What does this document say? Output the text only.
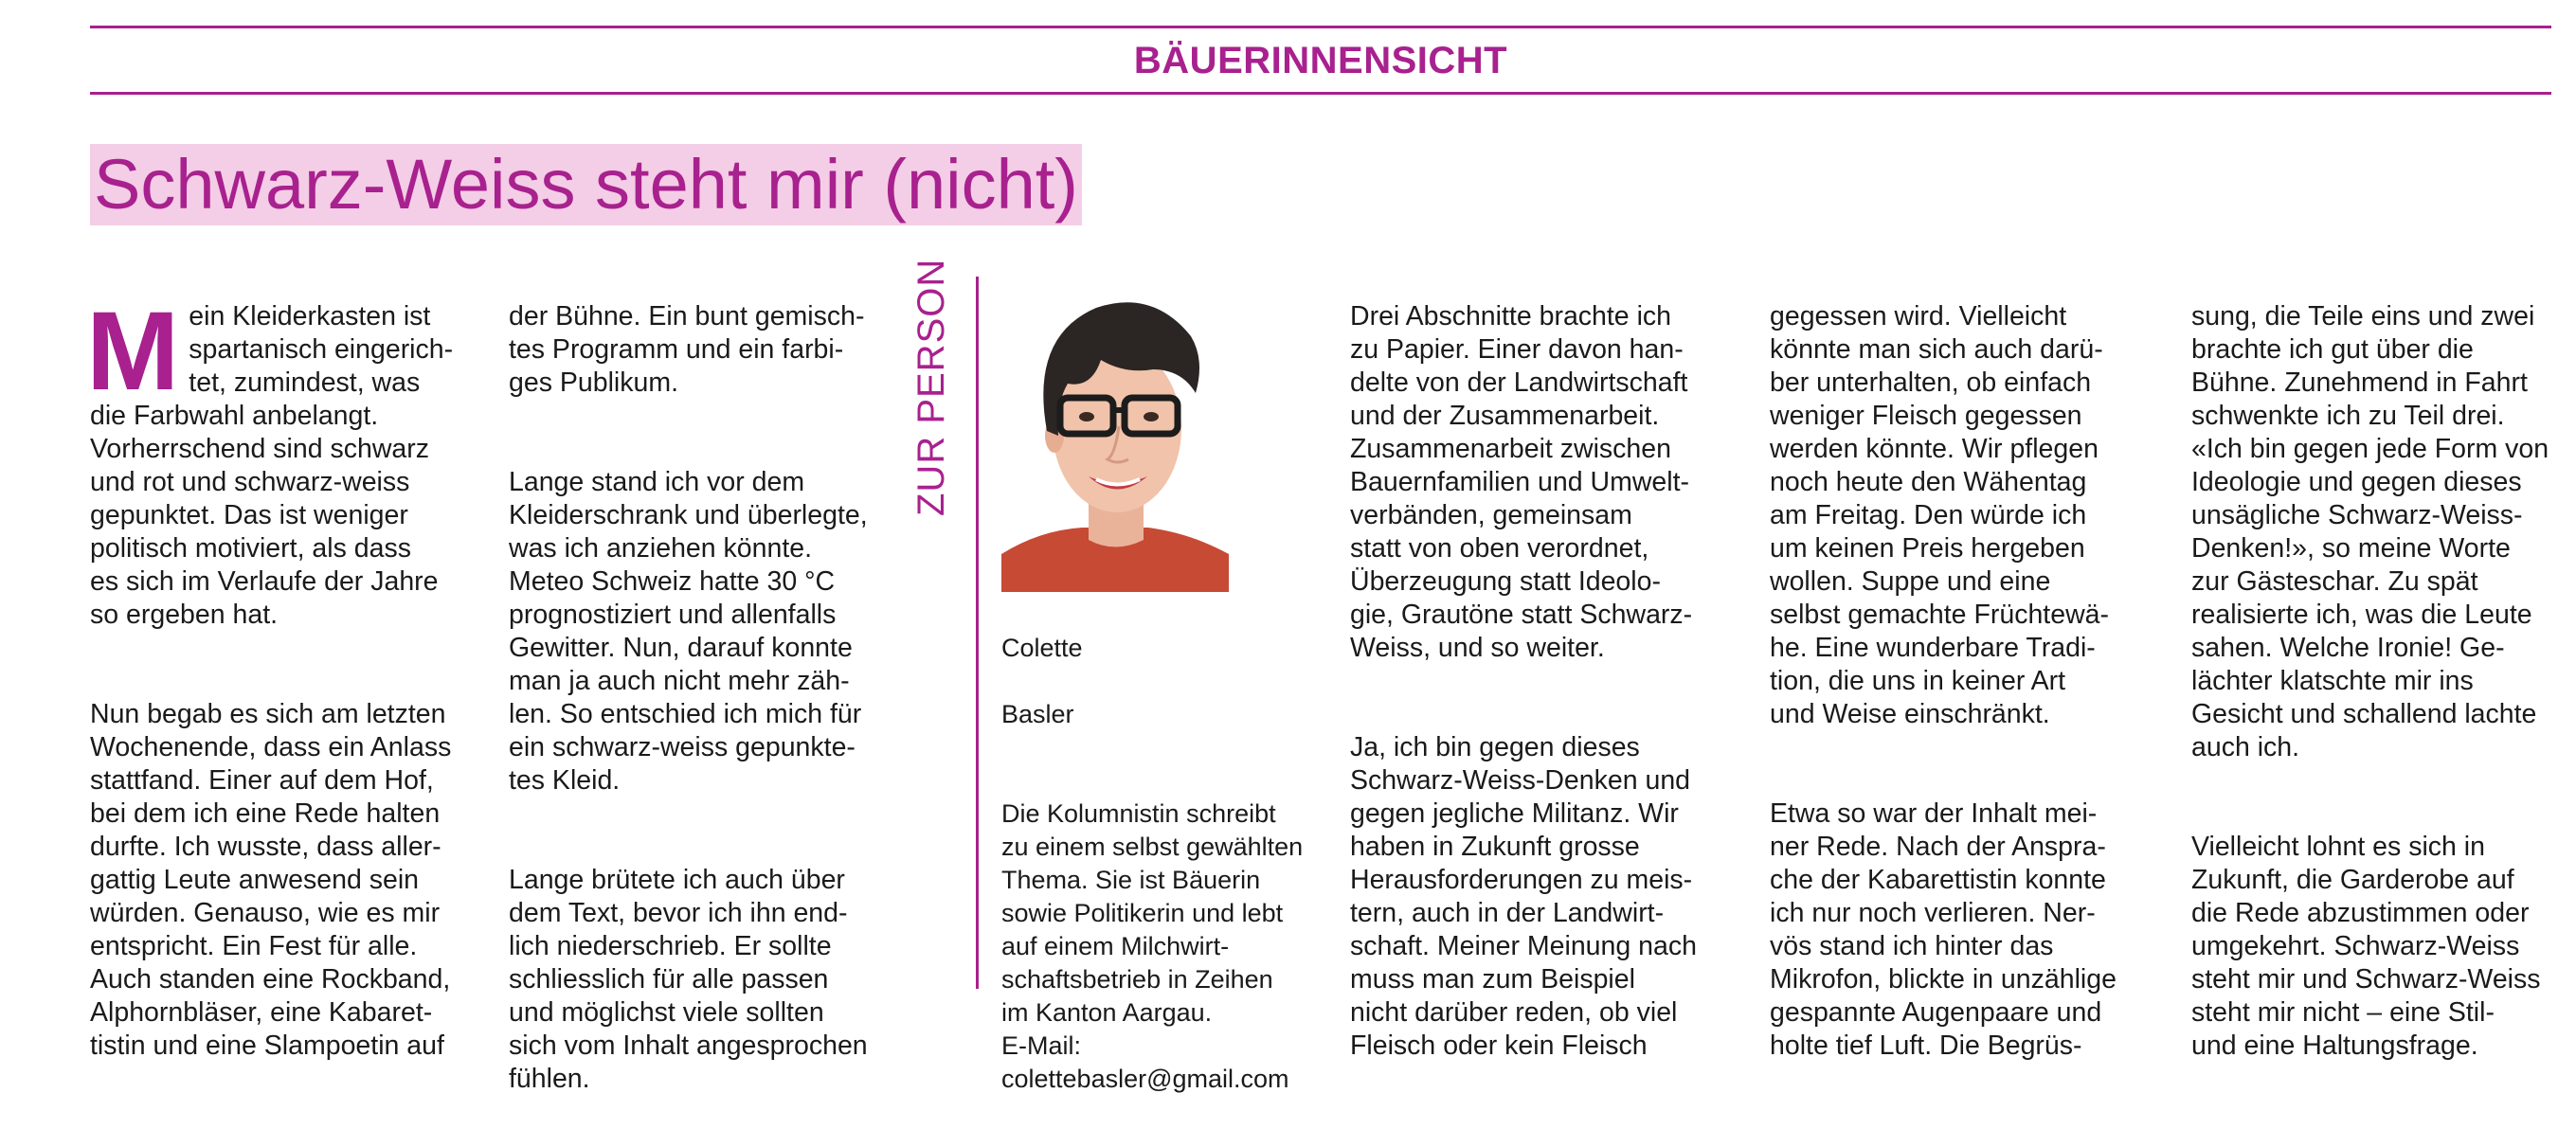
BÄUERINNENSICHT
Schwarz-Weiss steht mir (nicht)

Mein Kleiderkasten ist
spartanisch eingerich-
tet, zumindest, was
die Farbwahl anbelangt.
Vorherrschend sind schwarz
und rot und schwarz-weiss
gepunktet. Das ist weniger
politisch motiviert, als dass
es sich im Verlaufe der Jahre
so ergeben hat.

Nun begab es sich am letzten
Wochenende, dass ein Anlass
stattfand. Einer auf dem Hof,
bei dem ich eine Rede halten
durfte. Ich wusste, dass aller-
gattig Leute anwesend sein
würden. Genauso, wie es mir
entspricht. Ein Fest für alle.
Auch standen eine Rockband,
Alphornbläser, eine Kabaret-
tistin und eine Slampoetin auf

der Bühne. Ein bunt gemisch-
tes Programm und ein farbi-
ges Publikum.

Lange stand ich vor dem
Kleiderschrank und überlegte,
was ich anziehen könnte.
Meteo Schweiz hatte 30 °C
prognostiziert und allenfalls
Gewitter. Nun, darauf konnte
man ja auch nicht mehr zäh-
len. So entschied ich mich für
ein schwarz-weiss gepunkte-
tes Kleid.

Lange brütete ich auch über
dem Text, bevor ich ihn end-
lich niederschrieb. Er sollte
schliesslich für alle passen
und möglichst viele sollten
sich vom Inhalt angesprochen
fühlen.

ZUR PERSON

Colette

Basler

Die Kolumnistin schreibt
zu einem selbst gewählten
Thema. Sie ist Bäuerin
sowie Politikerin und lebt
auf einem Milchwirt-
schaftsbetrieb in Zeihen
im Kanton Aargau.

E-Mail:
colettebasler@gmail.com

Drei Abschnitte brachte ich
zu Papier. Einer davon han-
delte von der Landwirtschaft
und der Zusammenarbeit.
Zusammenarbeit zwischen
Bauernfamilien und Umwelt-
verbänden, gemeinsam
statt von oben verordnet,
Überzeugung statt Ideolo-
gie, Grautöne statt Schwarz-
Weiss, und so weiter.

Ja, ich bin gegen dieses
Schwarz-Weiss-Denken und
gegen jegliche Militanz. Wir
haben in Zukunft grosse
Herausforderungen zu meis-
tern, auch in der Landwirt-
schaft. Meiner Meinung nach
muss man zum Beispiel
nicht darüber reden, ob viel
Fleisch oder kein Fleisch

gegessen wird. Vielleicht
könnte man sich auch darü-
ber unterhalten, ob einfach
weniger Fleisch gegessen
werden könnte. Wir pflegen
noch heute den Wähentag
am Freitag. Den würde ich
um keinen Preis hergeben
wollen. Suppe und eine
selbst gemachte Früchtewä-
he. Eine wunderbare Tradi-
tion, die uns in keiner Art
und Weise einschränkt.

Etwa so war der Inhalt mei-
ner Rede. Nach der Anspra-
che der Kabarettistin konnte
ich nur noch verlieren. Ner-
vös stand ich hinter das
Mikrofon, blickte in unzählige
gespannte Augenpaare und
holte tief Luft. Die Begrüs-

sung, die Teile eins und zwei
brachte ich gut über die
Bühne. Zunehmend in Fahrt
schwenkte ich zu Teil drei.
«Ich bin gegen jede Form von
Ideologie und gegen dieses
unsägliche Schwarz-Weiss-
Denken!», so meine Worte
zur Gästeschar. Zu spät
realisierte ich, was die Leute
sahen. Welche Ironie! Ge-
lächter klatschte mir ins
Gesicht und schallend lachte
auch ich.

Vielleicht lohnt es sich in
Zukunft, die Garderobe auf
die Rede abzustimmen oder
umgekehrt. Schwarz-Weiss
steht mir und Schwarz-Weiss
steht mir nicht – eine Stil-
und eine Haltungsfrage.
